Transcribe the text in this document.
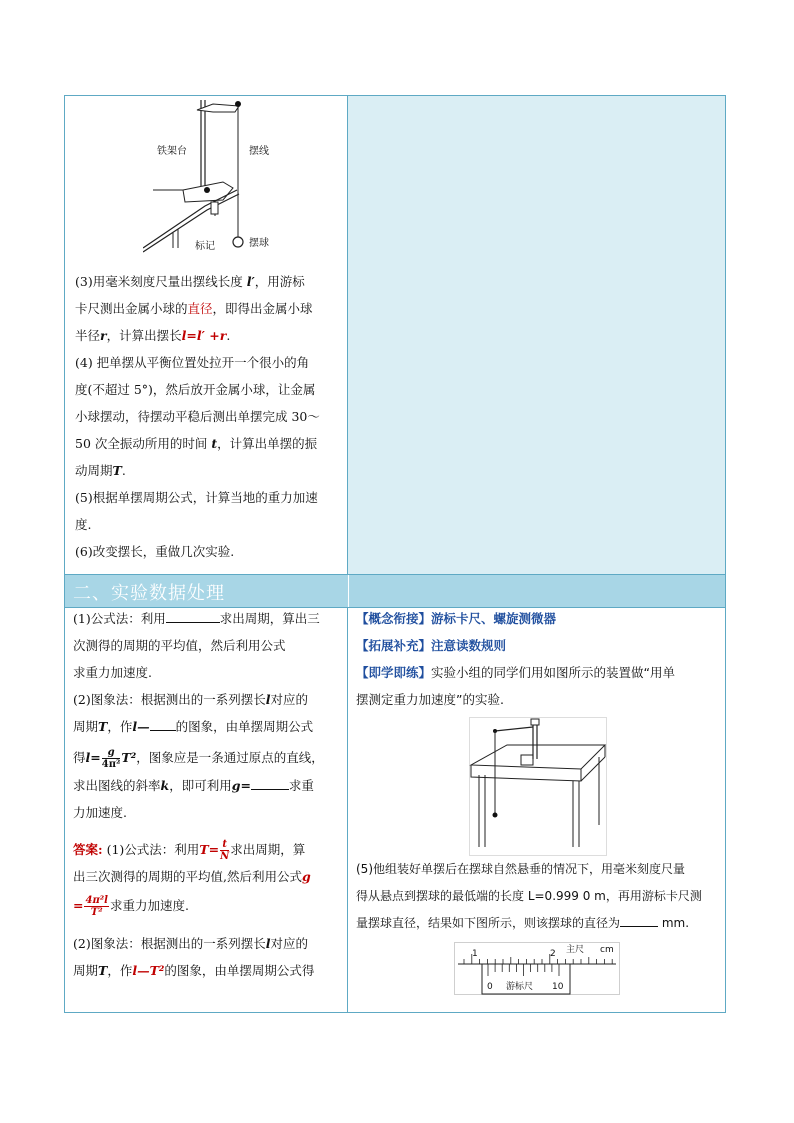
铁架台	摆线
标记	摆球
(3)用毫米刻度尺量出摆线长度 l′，用游标
卡尺测出金属小球的直径，即得出金属小球
半径r，计算出摆长l=l′ +r.
(4) 把单摆从平衡位置处拉开一个很小的角
度(不超过 5°)，然后放开金属小球，让金属
小球摆动，待摆动平稳后测出单摆完成 30～
50 次全振动所用的时间 t，计算出单摆的振
动周期T.
(5)根据单摆周期公式，计算当地的重力加速
度.
(6)改变摆长，重做几次实验.
二、实验数据处理
(1)公式法：利用	求出周期，算出三
次测得的周期的平均值，然后利用公式
求重力加速度.
(2)图象法：根据测出的一系列摆长l对应的
周期T，作l— 的图象，由单摆周期公式
得$l= \frac{g}{\text{4π²}} T^2$，图象应是一条通过原点的直线，
求出图线的斜率k，即可利用g=	求重
力加速度.
答案: (1)公式法：利用$T= \frac{t}{N}$ 求出周期，算
出三次测得的周期的平均值,然后利用公式g
= $\frac{\text{4π²l}}{\text{T²}}$ 求重力加速度.
(2)图象法：根据测出的一系列摆长l对应的
周期T，作l—T²的图象，由单摆周期公式得
【概念衔接】游标卡尺、螺旋测微器
【拓展补充】注意读数规则
【即学即练】实验小组的同学们用如图所示的装置做“用单
摆测定重力加速度”的实验.
(5)他组装好单摆后在摆球自然悬垂的情况下，用毫米刻度尺量
得从悬点到摆球的最低端的长度 L=0.999 0 m，再用游标卡尺测
量摆球直径，结果如下图所示，则该摆球的直径为	mm.
主尺 cm
1	2
0 游标尺 10
